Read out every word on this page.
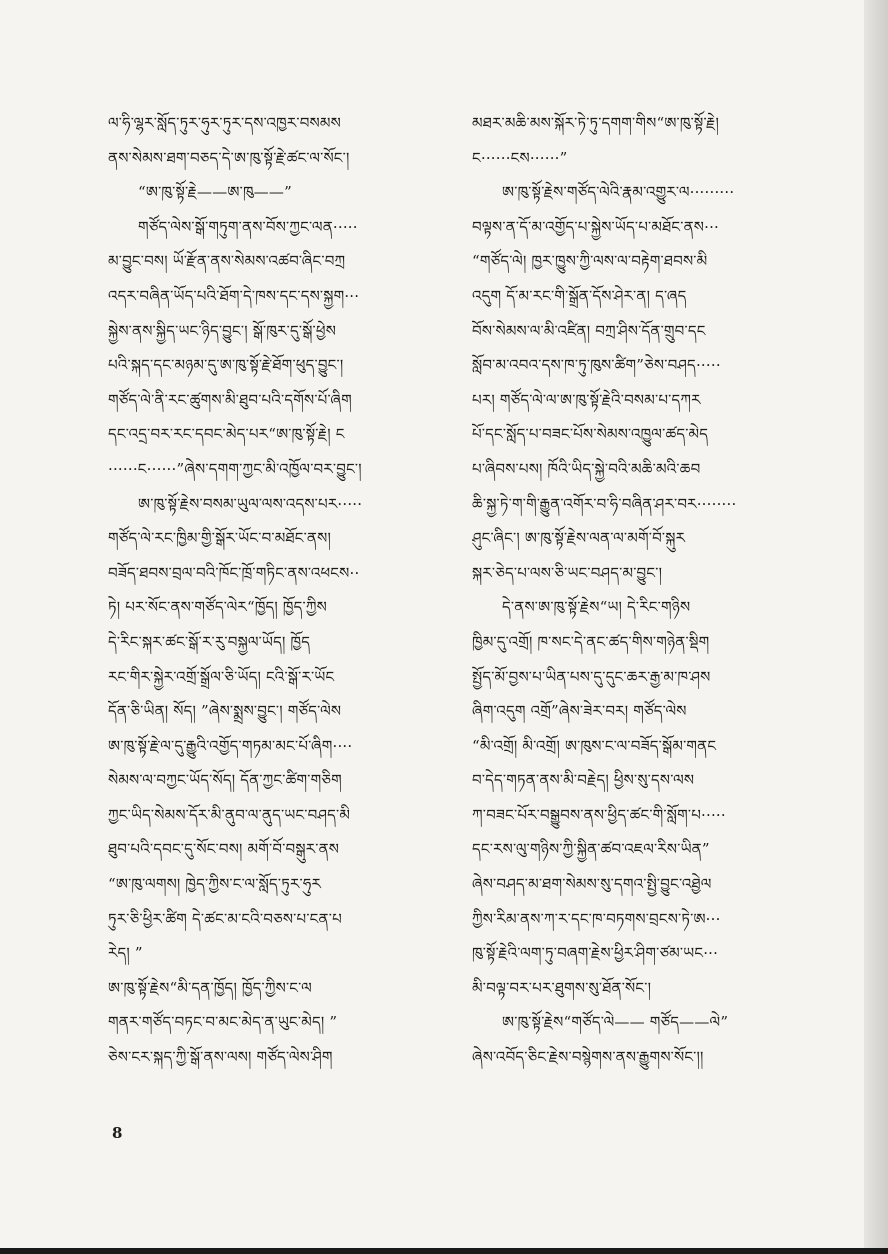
ལ་ཧི་ལྷར་སློད་ཏུར་ཧུར་ཏུར་དས་འཁྱར་བསམས
ནས་སེམས་ཐག་བཅད་དེ་ཨ་ཁུ་སྟོ་རྗེ་ཚང་ལ་སོང་།
“ཨ་ཁུ་སྟོ་རྗེ——ཨ་ཁུ——”
གཙོད་ལེས་སྒོ་གཏུག་ནས་བོས་ཀྱང་ལན·····
མ་བྱུང་བས། ཡོ་རྫོན་ནས་སེམས་འཚབ་ཞིང་བཀྲ
འདར་བཞིན་ཡོད་པའི་ཐོག་དེ་ཁས་དང་དས་སྐྱག···
སྐྱེས་ནས་སྐྱིད་ཡང་ཉིད་བྱུང་། སྒོ་ཁུར་དུ་སྒོ་ཕྱེས
པའི་སྐད་དང་མཉམ་དུ་ཨ་ཁུ་སྟོ་རྗེ་ཐོག་ཕུད་བྱུང་།
གཙོད་ལེ་ནི་རང་ཚུགས་མི་ཐུབ་པའི་དགོས་པོ་ཞིག
དང་འདྲ་བར་རང་དབང་མེད་པར“ཨ་ཁུ་སྟོ་རྗེ། ང
······ང······”ཞེས་དགག་ཀྱང་མི་འཁྱོལ་བར་བྱུང་།
ཨ་ཁུ་སྟོ་རྗེས་བསམ་ཡུལ་ལས་འདས་པར·····
གཙོད་ལེ་རང་ཁྱིམ་གྱི་སྒོར་ཡོང་བ་མཐོང་ནས།
བཟོད་ཐབས་བྲལ་བའི་ཁོང་ཁྲོ་གཏིང་ནས་འཕངས··
ཏེ། པར་སོང་ནས་གཙོད་ལེར“ཁྱོད། ཁྱོད་ཀྱིས
དེ་རིང་སྐར་ཚང་སྒོ་ར་རུ་བསྐྱལ་ཡོད། ཁྱོད
རང་གིར་སྐྱེར་འགྲོ་སྒྲོལ་ཅི་ཡོད། ངའི་སྒོ་ར་ཡོང
དོན་ཅི་ཡིན། སོད། ”ཞེས་སྨྲས་བྱུང་། གཙོད་ལེས
ཨ་ཁུ་སྟོ་རྗེ་ལ་དུ་རྒྱུའི་འགྱོད་གཏམ་མང་པོ་ཞིག····
སེམས་ལ་བཀྱང་ཡོད་སོད། དོན་ཀྱང་ཚིག་གཅིག
ཀྱང་ཡིད་སེམས་དོར་མི་ནུབ་ལ་ནུད་ཡང་བཤད་མི
ཐུབ་པའི་དབང་དུ་སོང་བས། མགོ་བོ་བསྒུར་ནས
“ཨ་ཁུ་ལགས། ཁྱེད་ཀྱིས་ང་ལ་སློད་ཏུར་ཧུར
ཏུར་ཅི་ཕྱིར་ཚིག དེ་ཚང་མ་ངའི་བཅས་པ་ངན་པ
རེད། ”
ཨ་ཁུ་སྟོ་རྗེས“མི་དན་ཁྱོད། ཁྱོད་ཀྱིས་ང་ལ
གནར་གཙོད་བཏང་བ་མང་མེད་ན་ཡུང་མེད། ”
ཅེས་ངར་སྐད་ཀྱི་སྒོ་ནས་ལས། གཙོད་ལེས་ཤིག
མཐར་མཆི་མས་སྐོར་ཏེ་ཏུ་དགག་གིས“ཨ་ཁུ་སྟོ་རྗེ།
ང······ངས······”
ཨ་ཁུ་སྟོ་རྗེས་གཙོད་ལེའི་རྣམ་འགྱུར་ལ·········
བལྟས་ན་དོ་མ་འགྱོད་པ་སྐྱེས་ཡོད་པ་མཐོང་ནས···
“གཙོད་ལེ། ཁྱར་ཁྱུས་ཀྱི་ལས་ལ་བརྟེག་ཐབས་མི
འདུག དོ་མ་རང་གི་སྒྲོན་དོས་ཤེར་ན། ད་ཞད
བོས་སེམས་ལ་མི་འཛིན། བཀྲ་ཤིས་དོན་གྲུབ་དང
སློབ་མ་འབའ་དས་ཁ་ཏུ་ཁུས་ཚིག”ཅེས་བཤད·····
པར། གཙོད་ལེ་ལ་ཨ་ཁུ་སྟོ་རྗེའི་བསམ་པ་དཀར
པོ་དང་སློད་པ་བཟང་པོས་སེམས་འཁྱུལ་ཚད་མེད
པ་ཞིབས་པས། ཁོའི་ཡིད་སྐྱེ་བའི་མཆི་མའི་ཆབ
ཆི་སྐྱ་ཏེ་ག་གི་རྒྱུན་འགོར་བ་ཧི་བཞིན་ཤར་བར········
ཤུང་ཞིང་། ཨ་ཁུ་སྟོ་རྗེས་ལན་ལ་མགོ་བོ་སྐུར
སྐར་ཅེད་པ་ལས་ཅི་ཡང་བཤད་མ་བྱུང་།
དེ་ནས་ཨ་ཁུ་སྟོ་རྗེས“ཡ། དེ་རིང་གཉིས
ཁྱིམ་དུ་འགྲོ། ཁ་སང་དེ་ནང་ཚད་གིས་གཉེན་སྡིག
སྤྱོད་མོ་བྱས་པ་ཡིན་པས་དུ་དུང་ཆར་རྒྱ་མ་ཁ་ཤས
ཞིག་འདུག འགྲོ”ཞེས་ཟེར་བར། གཙོད་ལེས
“མི་འགྲོ། མི་འགྲོ། ཨ་ཁུས་ང་ལ་བཟོད་སྒོམ་གནང
བ་དེད་གཏན་ནས་མི་བརྗེད། ཕྱིས་སུ་དས་ལས
ཀ་བཟང་པོར་བསྒྱུབས་ནས་ཕྱིད་ཚང་གི་སློག་པ·····
དང་རས་ལུ་གཉིས་ཀྱི་སྐྱིན་ཚབ་འཇལ་རིས་ཡིན”
ཞེས་བཤད་མ་ཐག་སེམས་སུ་དགའ་སྤྱི་བྱུང་འཐྱེལ
ཀྱིས་རིམ་ནས་ཀ་ར་དང་ཁ་བཏགས་བྲངས་ཏེ་ཨ···
ཁུ་སྟོ་རྗེའི་ལག་ཏུ་བཞག་རྗེས་ཕྱིར་ཤིག་ཙམ་ཡང···
མི་བལྟ་བར་པར་ཐུགས་སུ་ཐོན་སོང་།
ཨ་ཁུ་སྟོ་རྗེས“གཙོད་ལེ—— གཙོད——ལེ”
ཞེས་འབོད་ཅིང་རྗེས་བསྙེགས་ནས་རྒྱུགས་སོང་།།
8
